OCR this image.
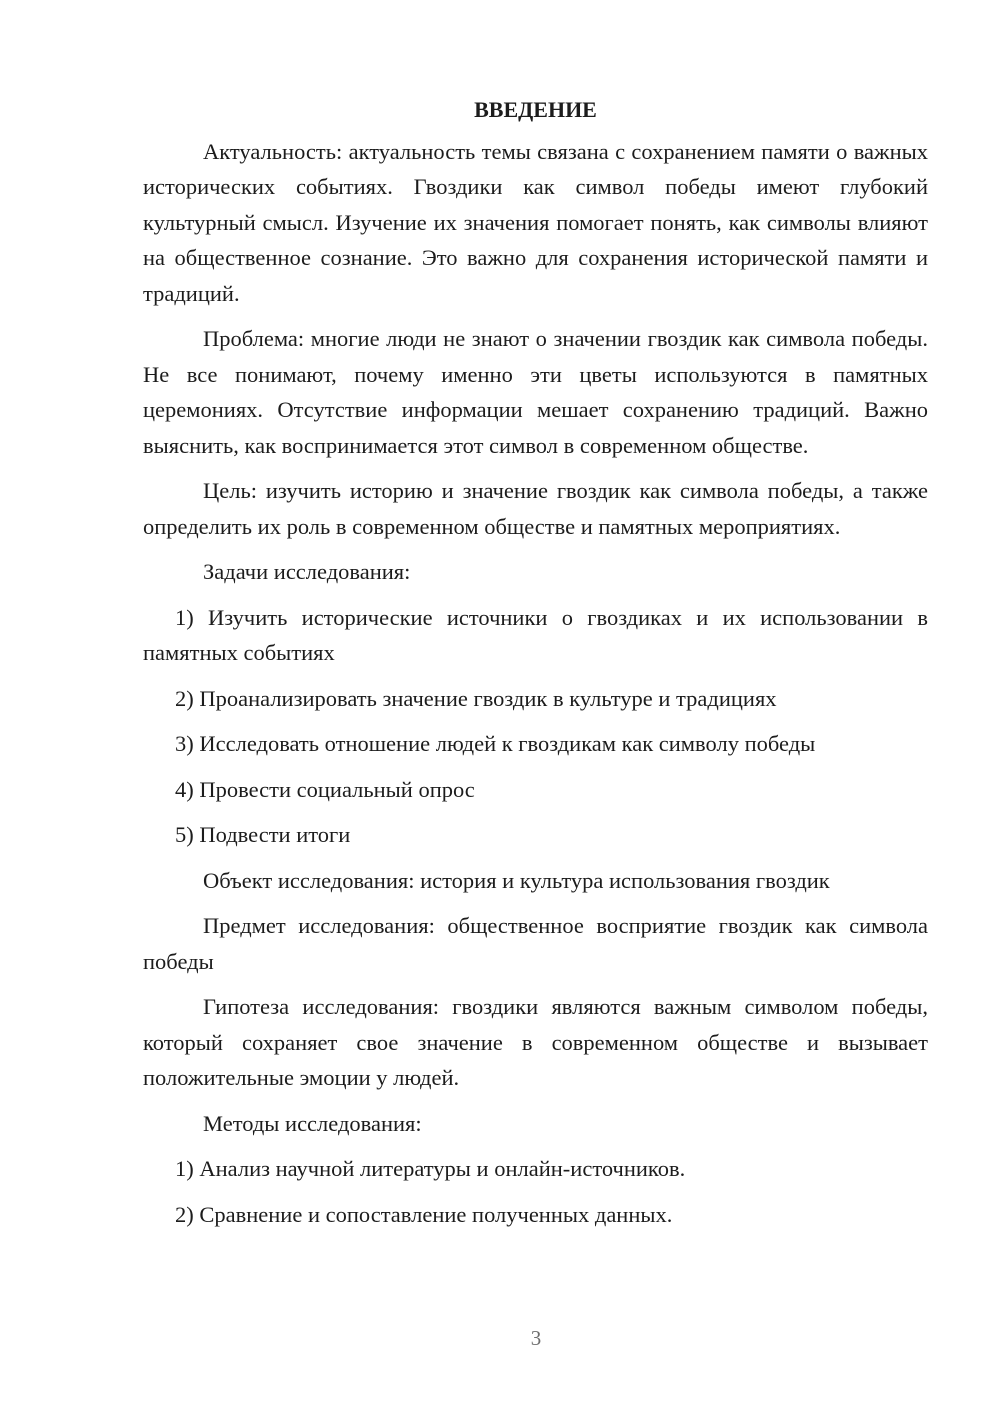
ВВЕДЕНИЕ

Актуальность: актуальность темы связана с сохранением памяти о важных исторических событиях. Гвоздики как символ победы имеют глубокий культурный смысл. Изучение их значения помогает понять, как символы влияют на общественное сознание. Это важно для сохранения исторической памяти и традиций.

Проблема: многие люди не знают о значении гвоздик как символа победы. Не все понимают, почему именно эти цветы используются в памятных церемониях. Отсутствие информации мешает сохранению традиций. Важно выяснить, как воспринимается этот символ в современном обществе.

Цель: изучить историю и значение гвоздик как символа победы, а также определить их роль в современном обществе и памятных мероприятиях.

Задачи исследования:

1) Изучить исторические источники о гвоздиках и их использовании в памятных событиях

2) Проанализировать значение гвоздик в культуре и традициях

3) Исследовать отношение людей к гвоздикам как символу победы

4) Провести социальный опрос

5) Подвести итоги

Объект исследования: история и культура использования гвоздик

Предмет исследования: общественное восприятие гвоздик как символа победы

Гипотеза исследования: гвоздики являются важным символом победы, который сохраняет свое значение в современном обществе и вызывает положительные эмоции у людей.

Методы исследования:

1) Анализ научной литературы и онлайн-источников.

2) Сравнение и сопоставление полученных данных.

3
